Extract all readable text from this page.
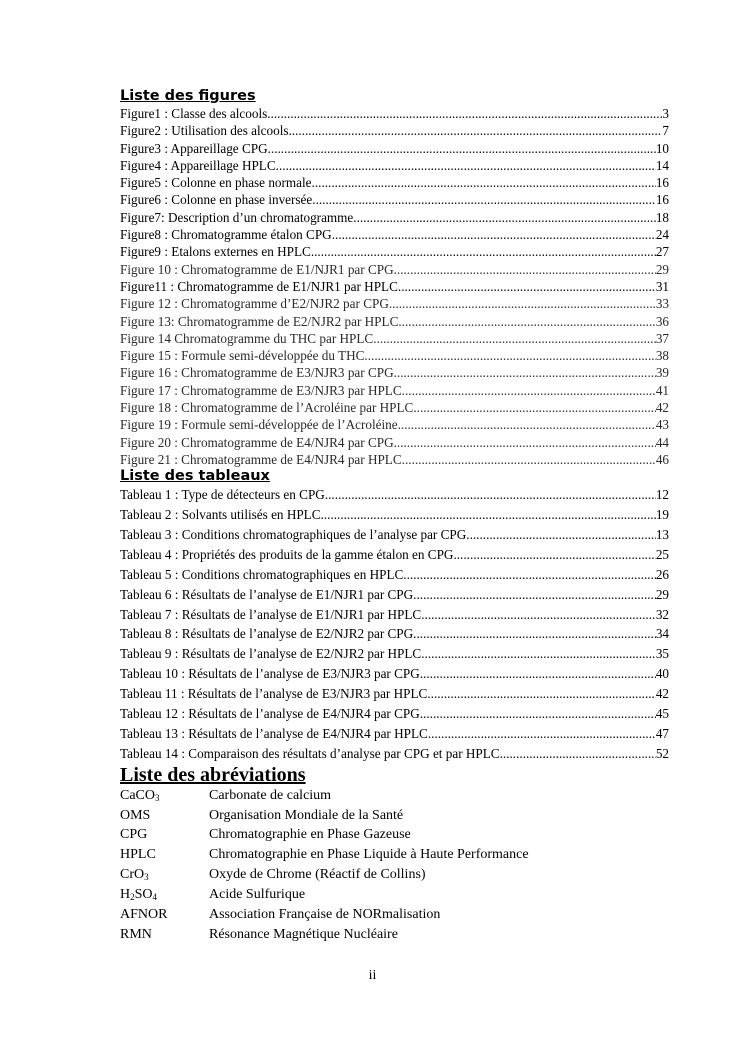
Liste des figures
Figure1 : Classe des alcools .....	3
Figure2 : Utilisation des alcools .....	7
Figure3 : Appareillage CPG .....	10
Figure4 : Appareillage HPLC .....	14
Figure5 : Colonne en phase normale .....	16
Figure6 : Colonne en phase inversée .....	16
Figure7: Description d’un chromatogramme .....	18
Figure8 : Chromatogramme étalon CPG .....	24
Figure9 : Etalons externes en HPLC .....	27
Figure 10 : Chromatogramme de E1/NJR1 par CPG .....	29
Figure11 : Chromatogramme de E1/NJR1 par HPLC .....	31
Figure 12 : Chromatogramme d’E2/NJR2 par CPG .....	33
Figure 13: Chromatogramme de E2/NJR2 par HPLC .....	36
Figure 14 Chromatogramme du THC par HPLC .....	37
Figure 15 : Formule semi-développée du THC .....	38
Figure 16 : Chromatogramme de E3/NJR3 par CPG .....	39
Figure 17 : Chromatogramme de E3/NJR3 par HPLC .....	41
Figure 18 : Chromatogramme de l’Acroléine par HPLC .....	42
Figure 19 : Formule semi-développée de l’Acroléine .....	43
Figure 20 : Chromatogramme de E4/NJR4 par CPG .....	44
Figure 21 : Chromatogramme de E4/NJR4 par HPLC .....	46
Liste des tableaux
Tableau 1 : Type de détecteurs en CPG .....	12
Tableau 2 : Solvants utilisés en HPLC .....	19
Tableau 3 : Conditions chromatographiques de l’analyse par CPG .....	13
Tableau 4 : Propriétés des produits de la gamme étalon en CPG .....	25
Tableau 5 : Conditions chromatographiques en HPLC .....	26
Tableau 6 : Résultats de l’analyse de E1/NJR1 par CPG .....	29
Tableau 7 : Résultats de l’analyse de E1/NJR1 par HPLC .....	32
Tableau 8 : Résultats de l’analyse de E2/NJR2 par CPG .....	34
Tableau 9 : Résultats de l’analyse de E2/NJR2 par HPLC .....	35
Tableau 10 : Résultats de l’analyse de E3/NJR3 par CPG .....	40
Tableau 11 : Résultats de l’analyse de E3/NJR3 par HPLC .....	42
Tableau 12 : Résultats de l’analyse de E4/NJR4 par CPG .....	45
Tableau 13 : Résultats de l’analyse de E4/NJR4 par HPLC .....	47
Tableau 14 : Comparaison des résultats d’analyse par CPG et par HPLC .....	52
Liste des abréviations
CaCO$_3$	Carbonate de calcium
OMS	Organisation Mondiale de la Santé
CPG	Chromatographie en Phase Gazeuse
HPLC	Chromatographie en Phase Liquide à Haute Performance
CrO$_3$	Oxyde de Chrome (Réactif de Collins)
$H_2SO_4$	Acide Sulfurique
AFNOR	Association Française de NORmalisation
RMN	Résonance Magnétique Nucléaire
ii
